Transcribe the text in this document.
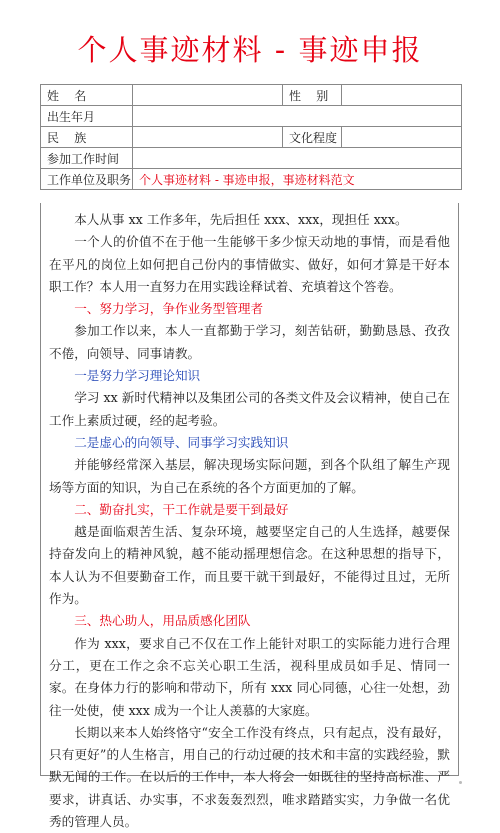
个人事迹材料 - 事迹申报
姓    名		性    别	
出生年月			
民    族		文化程度	
参加工作时间			
工作单位及职务	个人事迹材料 - 事迹申报，事迹材料范文		

本人从事 xx 工作多年，先后担任 xxx、xxx，现担任 xxx。

一个人的价值不在于他一生能够干多少惊天动地的事情，而是看他在平凡的岗位上如何把自己份内的事情做实、做好，如何才算是干好本职工作？本人用一直努力在用实践诠释试着、充填着这个答卷。

一、努力学习，争作业务型管理者

参加工作以来，本人一直都勤于学习，刻苦钻研，勤勤恳恳、孜孜不倦，向领导、同事请教。

一是努力学习理论知识

学习 xx 新时代精神以及集团公司的各类文件及会议精神，使自己在工作上素质过硬，经的起考验。

二是虚心的向领导、同事学习实践知识

并能够经常深入基层，解决现场实际问题，到各个队组了解生产现场等方面的知识，为自己在系统的各个方面更加的了解。

二、勤奋扎实，干工作就是要干到最好

越是面临艰苦生活、复杂环境，越要坚定自己的人生选择，越要保持奋发向上的精神风貌，越不能动摇理想信念。在这种思想的指导下，本人认为不但要勤奋工作，而且要干就干到最好，不能得过且过，无所作为。

三、热心助人，用品质感化团队

作为 xxx，要求自己不仅在工作上能针对职工的实际能力进行合理分工，更在工作之余不忘关心职工生活，视科里成员如手足、情同一家。在身体力行的影响和带动下，所有 xxx 同心同德，心往一处想，劲往一处使，使 xxx 成为一个让人羡慕的大家庭。

长期以来本人始终恪守“安全工作没有终点，只有起点，没有最好，只有更好”的人生格言，用自己的行动过硬的技术和丰富的实践经验，默默无闻的工作。在以后的工作中，本人将会一如既往的坚持高标准、严要求，讲真话、办实事，不求轰轰烈烈，唯求踏踏实实，力争做一名优秀的管理人员。
